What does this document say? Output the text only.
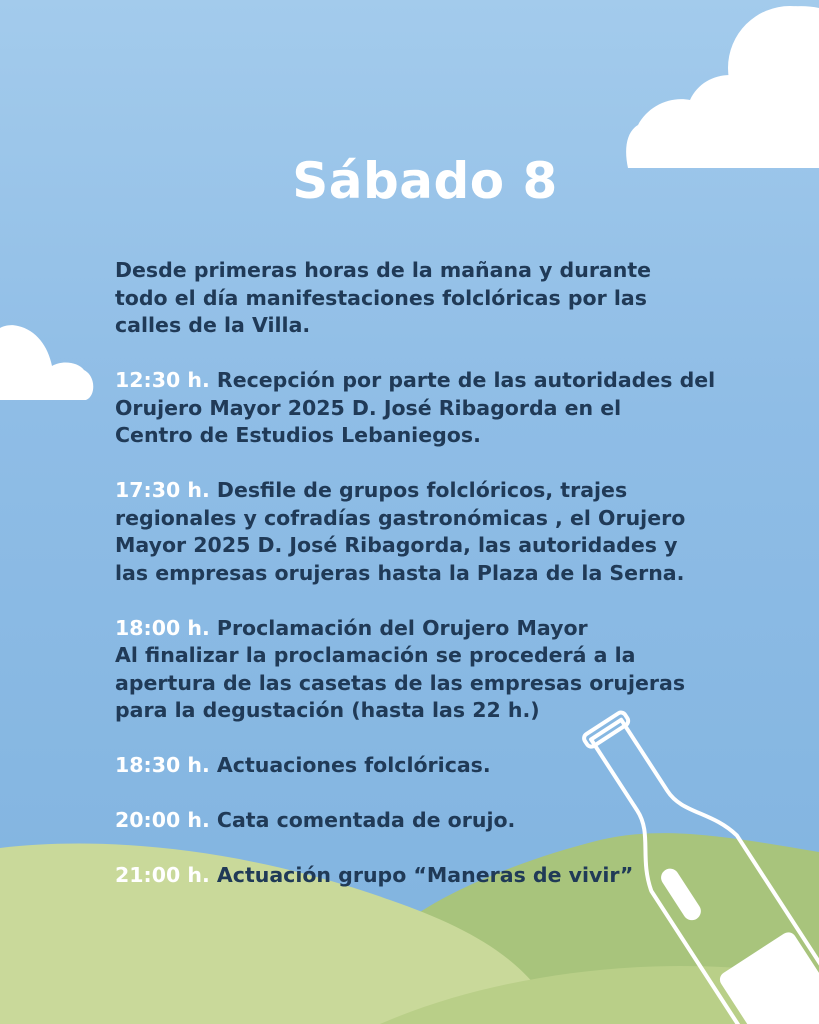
Sábado 8
Desde primeras horas de la mañana y durante
todo el día manifestaciones folclóricas por las
calles de la Villa.
12:30 h. Recepción por parte de las autoridades del
Orujero Mayor 2025 D. José Ribagorda en el
Centro de Estudios Lebaniegos.
17:30 h. Desfile de grupos folclóricos, trajes
regionales y cofradías gastronómicas , el Orujero
Mayor 2025 D. José Ribagorda, las autoridades y
las empresas orujeras hasta la Plaza de la Serna.
18:00 h. Proclamación del Orujero Mayor
Al finalizar la proclamación se procederá a la
apertura de las casetas de las empresas orujeras
para la degustación (hasta las 22 h.)
18:30 h. Actuaciones folclóricas.
20:00 h. Cata comentada de orujo.
21:00 h. Actuación grupo “Maneras de vivir”
